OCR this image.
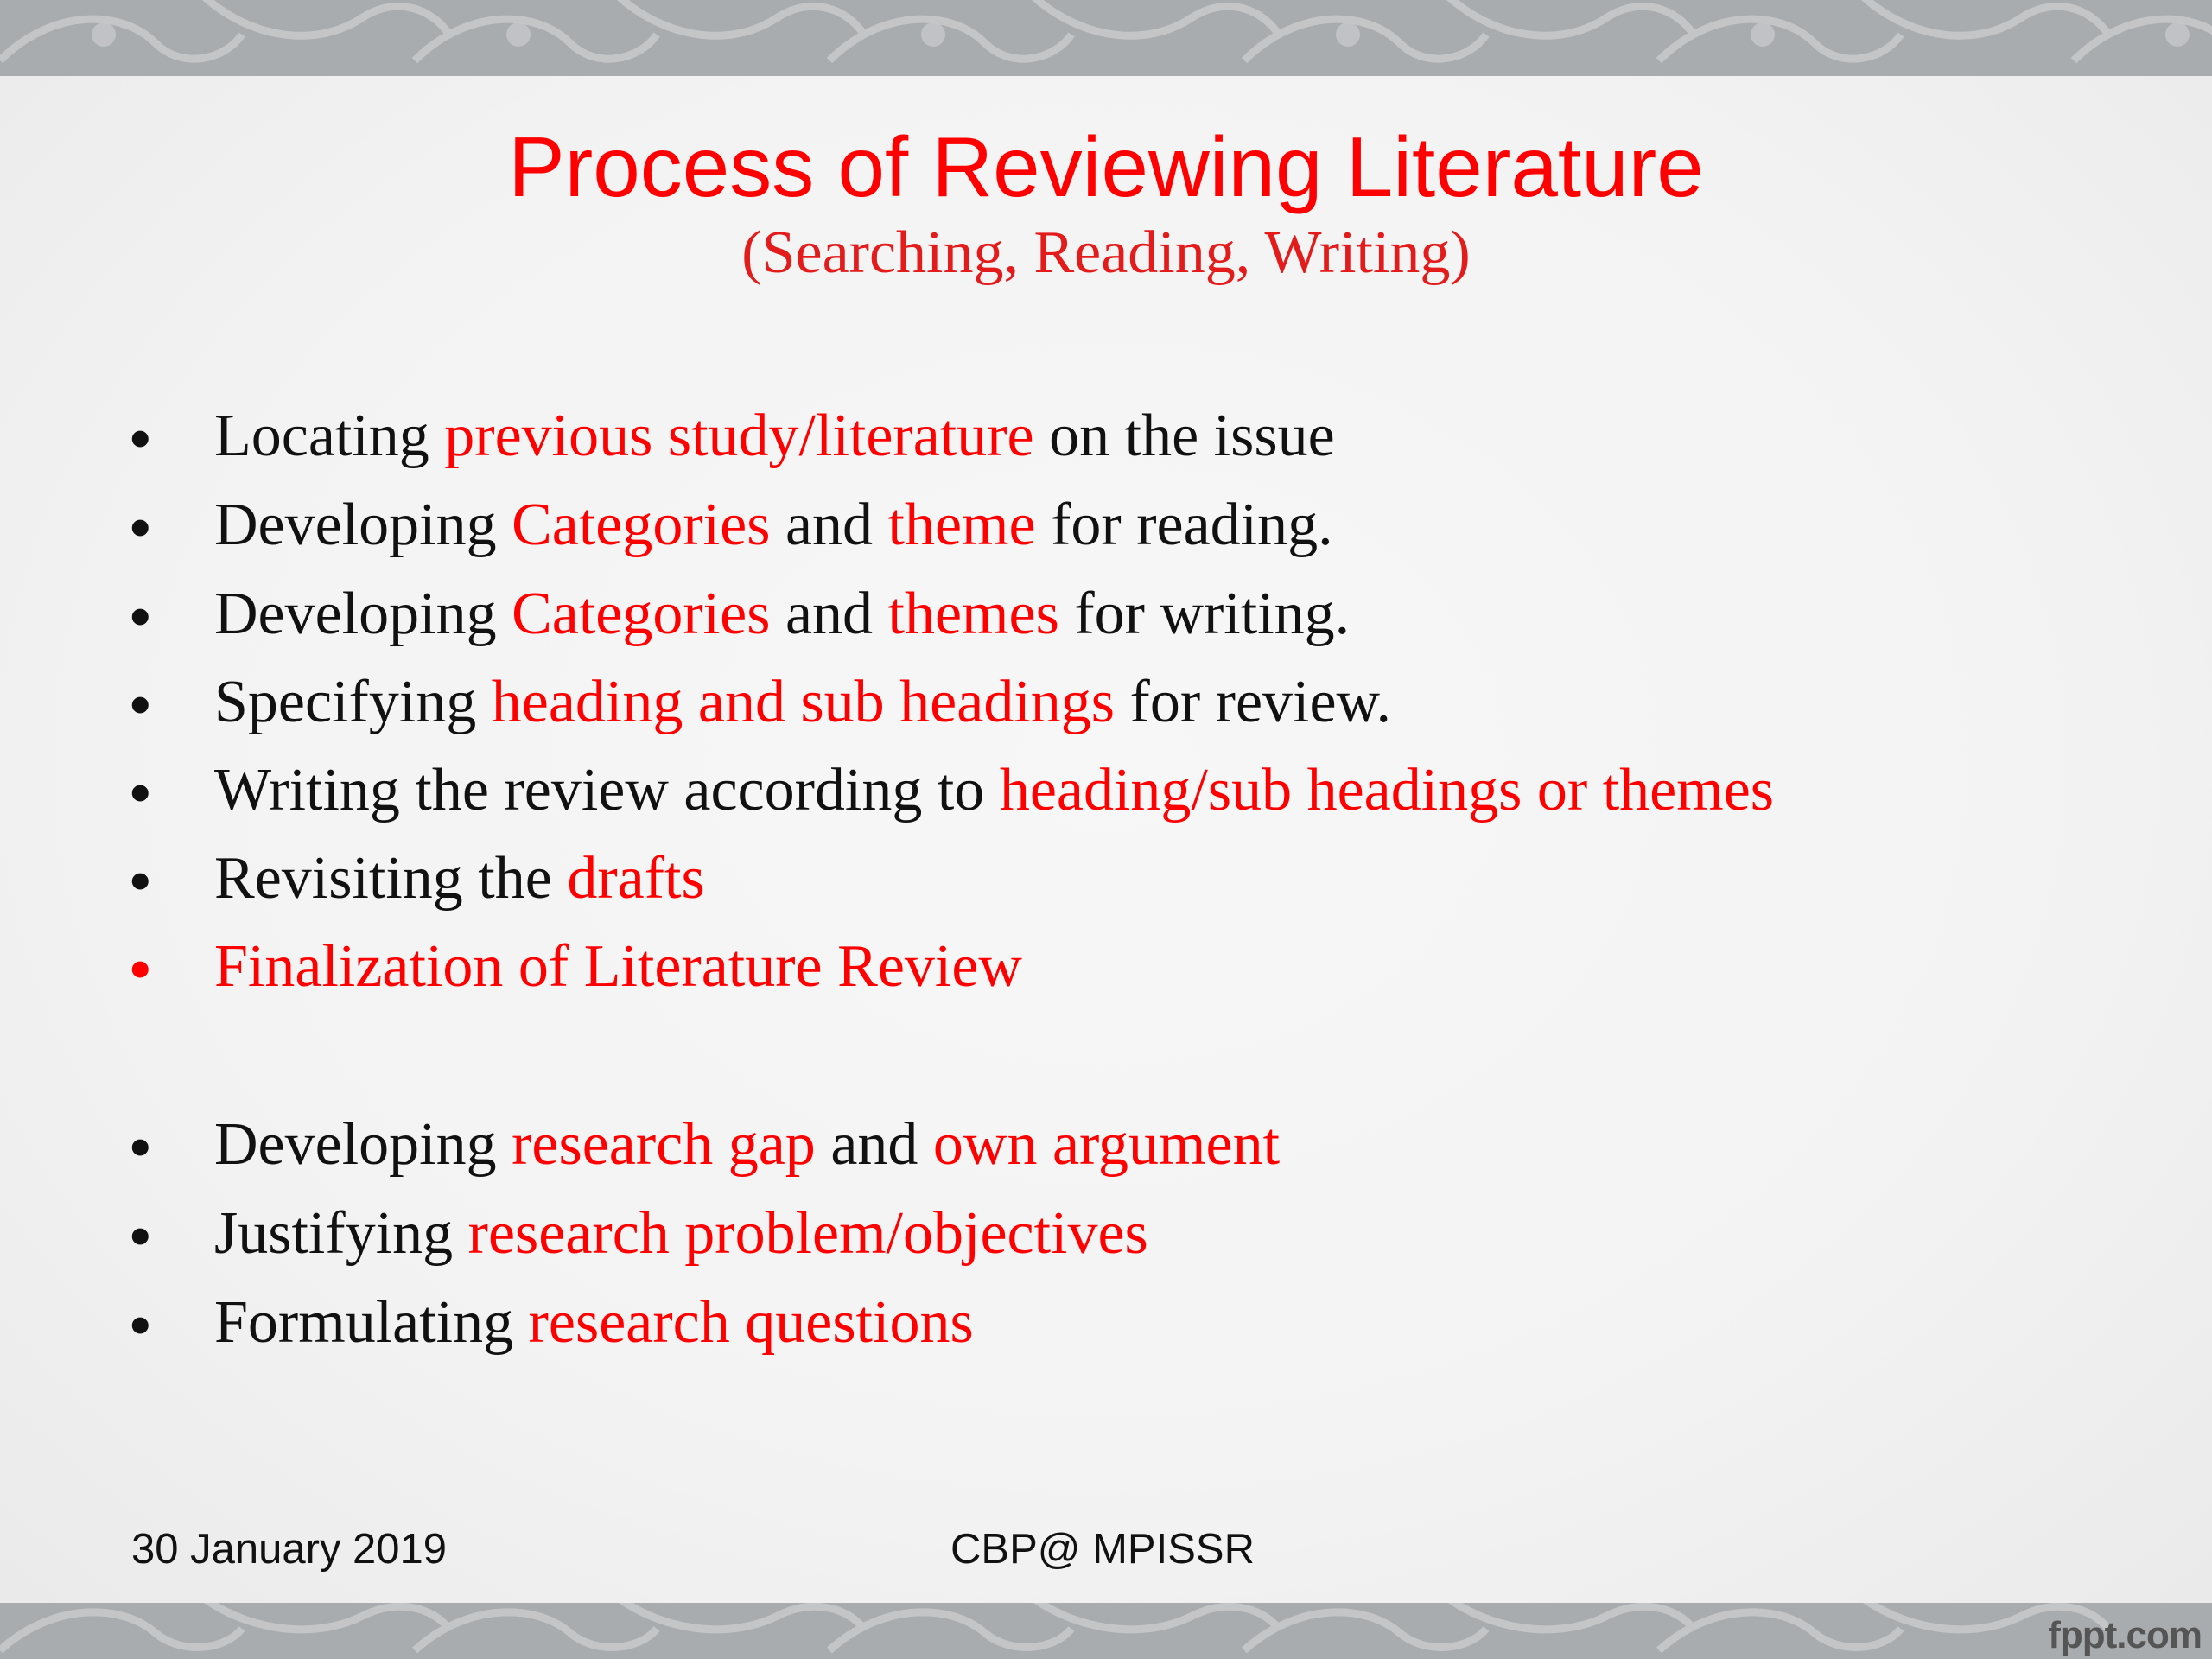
Process of Reviewing Literature
(Searching, Reading, Writing)
•	Locating previous study/literature on the issue
•	Developing Categories and theme for reading.
•	Developing Categories and themes for writing.
•	Specifying heading and sub headings for review.
•	Writing the review according to heading/sub headings or themes
•	Revisiting the drafts
•	Finalization of Literature Review
•	Developing research gap and own argument
•	Justifying research problem/objectives
•	Formulating research questions
30 January 2019	CBP@ MPISSR
fppt.com
